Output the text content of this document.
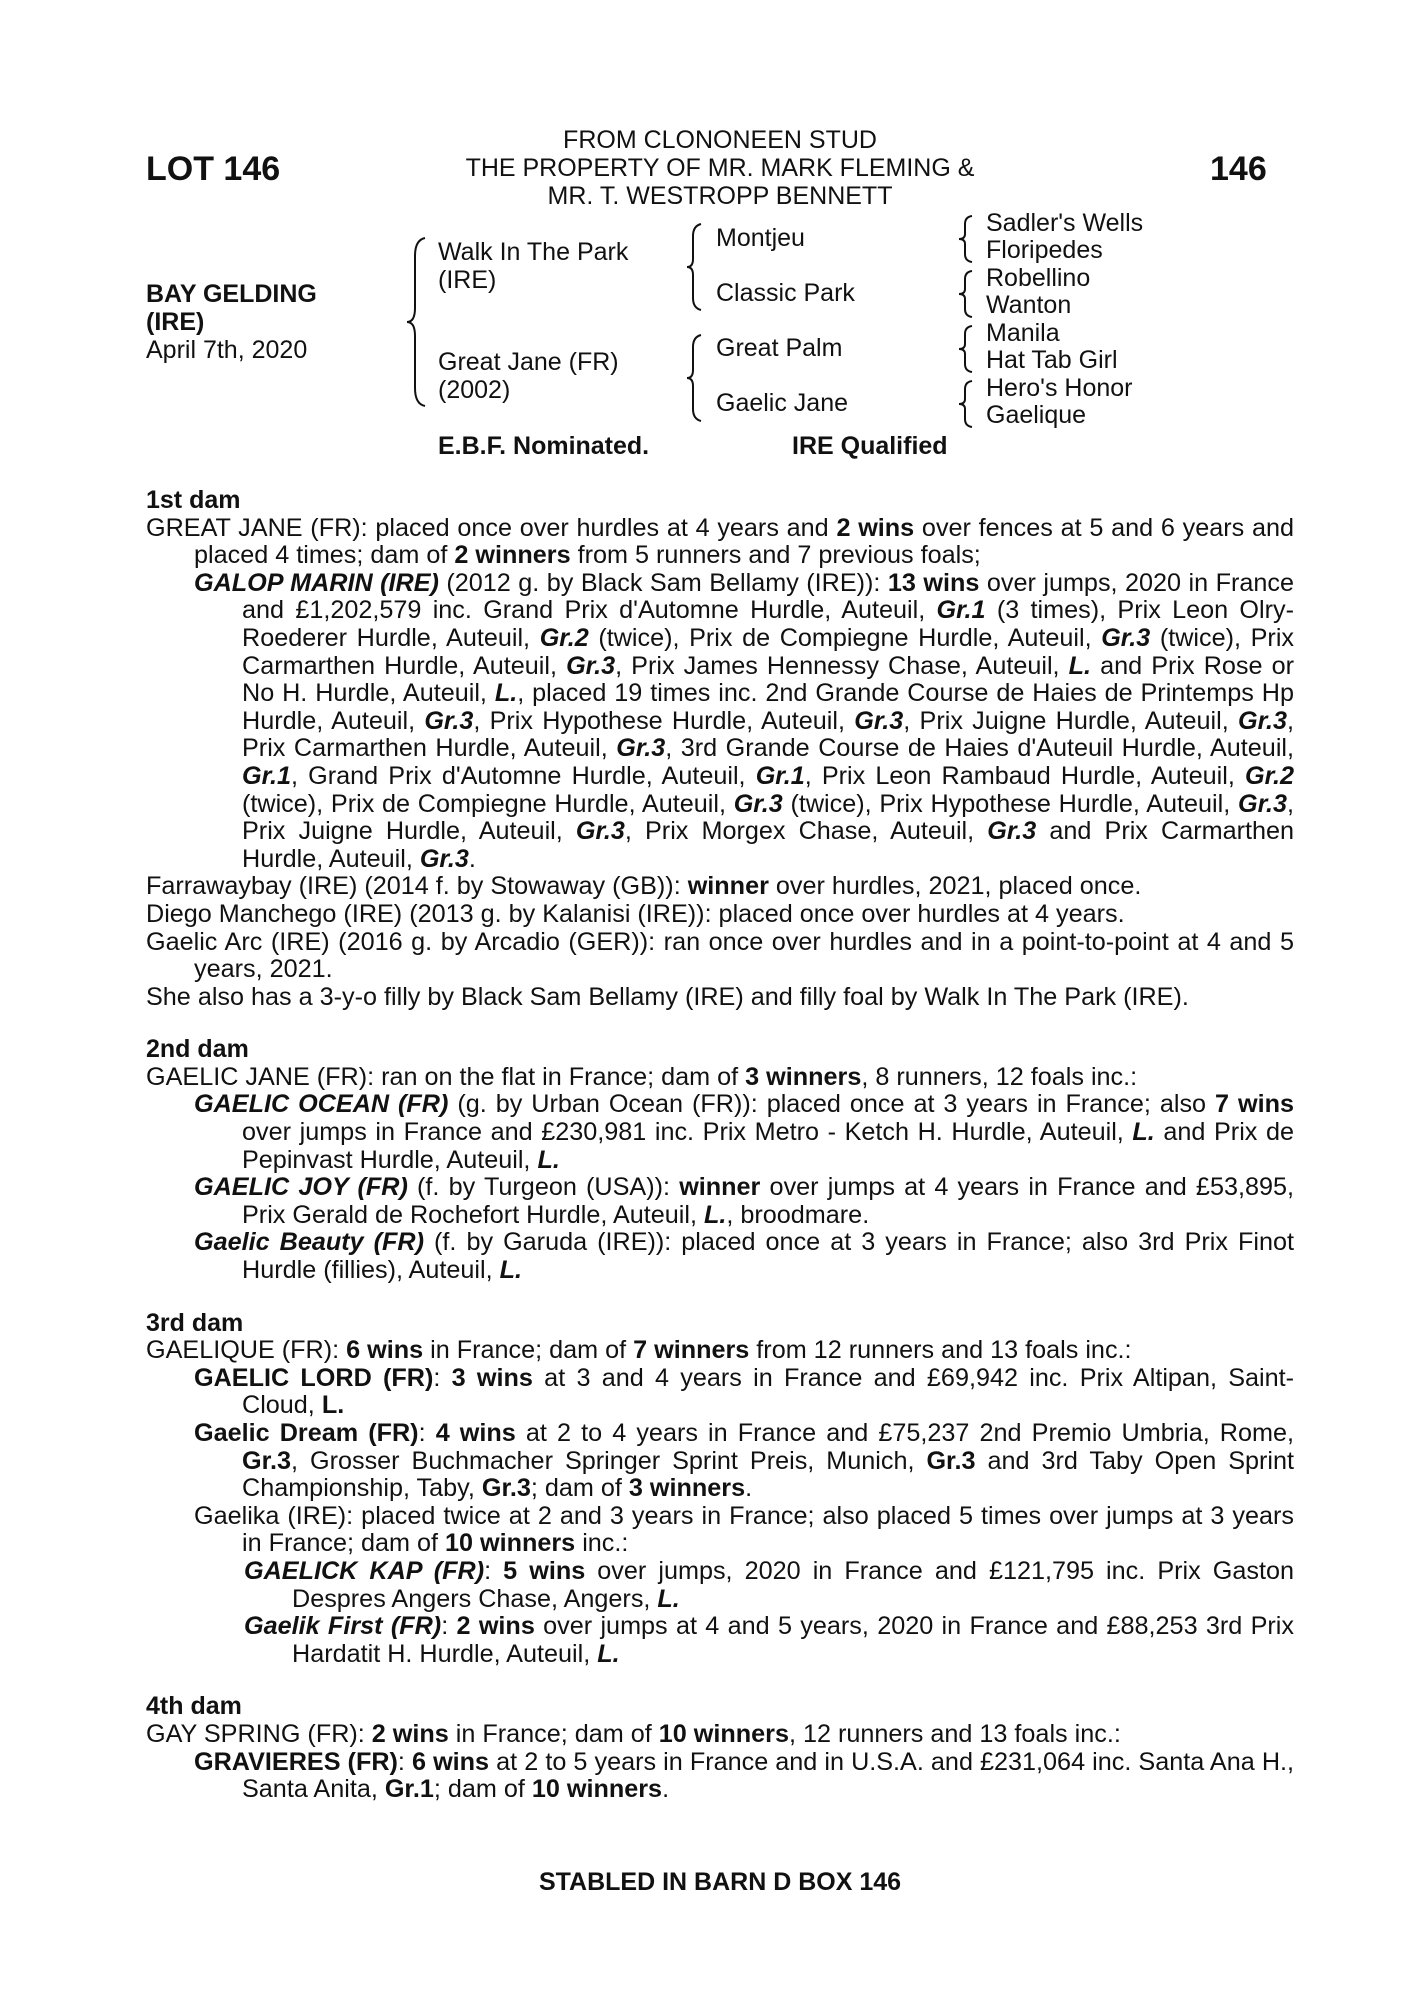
LOT 146	146
FROM CLONONEEN STUD
THE PROPERTY OF MR. MARK FLEMING &
MR. T. WESTROPP BENNETT
BAY GELDING
(IRE)
April 7th, 2020
Walk In The Park
(IRE)
Great Jane (FR)
(2002)
Montjeu
Classic Park
Great Palm
Gaelic Jane
Sadler's Wells
Floripedes
Robellino
Wanton
Manila
Hat Tab Girl
Hero's Honor
Gaelique
E.B.F. Nominated.	IRE Qualified

1st dam

GREAT JANE (FR): placed once over hurdles at 4 years and 2 wins over fences at 5 and 6 years and placed 4 times; dam of 2 winners from 5 runners and 7 previous foals;

GALOP MARIN (IRE) (2012 g. by Black Sam Bellamy (IRE)): 13 wins over jumps, 2020 in France and £1,202,579 inc. Grand Prix d'Automne Hurdle, Auteuil, Gr.1 (3 times), Prix Leon Olry-Roederer Hurdle, Auteuil, Gr.2 (twice), Prix de Compiegne Hurdle, Auteuil, Gr.3 (twice), Prix Carmarthen Hurdle, Auteuil, Gr.3, Prix James Hennessy Chase, Auteuil, L. and Prix Rose or No H. Hurdle, Auteuil, L., placed 19 times inc. 2nd Grande Course de Haies de Printemps Hp Hurdle, Auteuil, Gr.3, Prix Hypothese Hurdle, Auteuil, Gr.3, Prix Juigne Hurdle, Auteuil, Gr.3, Prix Carmarthen Hurdle, Auteuil, Gr.3, 3rd Grande Course de Haies d'Auteuil Hurdle, Auteuil, Gr.1, Grand Prix d'Automne Hurdle, Auteuil, Gr.1, Prix Leon Rambaud Hurdle, Auteuil, Gr.2 (twice), Prix de Compiegne Hurdle, Auteuil, Gr.3 (twice), Prix Hypothese Hurdle, Auteuil, Gr.3, Prix Juigne Hurdle, Auteuil, Gr.3, Prix Morgex Chase, Auteuil, Gr.3 and Prix Carmarthen Hurdle, Auteuil, Gr.3.

Farrawaybay (IRE) (2014 f. by Stowaway (GB)): winner over hurdles, 2021, placed once.

Diego Manchego (IRE) (2013 g. by Kalanisi (IRE)): placed once over hurdles at 4 years.

Gaelic Arc (IRE) (2016 g. by Arcadio (GER)): ran once over hurdles and in a point-to-point at 4 and 5 years, 2021.

She also has a 3-y-o filly by Black Sam Bellamy (IRE) and filly foal by Walk In The Park (IRE).

2nd dam

GAELIC JANE (FR): ran on the flat in France; dam of 3 winners, 8 runners, 12 foals inc.:

GAELIC OCEAN (FR) (g. by Urban Ocean (FR)): placed once at 3 years in France; also 7 wins over jumps in France and £230,981 inc. Prix Metro - Ketch H. Hurdle, Auteuil, L. and Prix de Pepinvast Hurdle, Auteuil, L.

GAELIC JOY (FR) (f. by Turgeon (USA)): winner over jumps at 4 years in France and £53,895, Prix Gerald de Rochefort Hurdle, Auteuil, L., broodmare.

Gaelic Beauty (FR) (f. by Garuda (IRE)): placed once at 3 years in France; also 3rd Prix Finot Hurdle (fillies), Auteuil, L.

3rd dam

GAELIQUE (FR): 6 wins in France; dam of 7 winners from 12 runners and 13 foals inc.:

GAELIC LORD (FR): 3 wins at 3 and 4 years in France and £69,942 inc. Prix Altipan, Saint-Cloud, L.

Gaelic Dream (FR): 4 wins at 2 to 4 years in France and £75,237 2nd Premio Umbria, Rome, Gr.3, Grosser Buchmacher Springer Sprint Preis, Munich, Gr.3 and 3rd Taby Open Sprint Championship, Taby, Gr.3; dam of 3 winners.

Gaelika (IRE): placed twice at 2 and 3 years in France; also placed 5 times over jumps at 3 years in France; dam of 10 winners inc.:

GAELICK KAP (FR): 5 wins over jumps, 2020 in France and £121,795 inc. Prix Gaston Despres Angers Chase, Angers, L.

Gaelik First (FR): 2 wins over jumps at 4 and 5 years, 2020 in France and £88,253 3rd Prix Hardatit H. Hurdle, Auteuil, L.

4th dam

GAY SPRING (FR): 2 wins in France; dam of 10 winners, 12 runners and 13 foals inc.:

GRAVIERES (FR): 6 wins at 2 to 5 years in France and in U.S.A. and £231,064 inc. Santa Ana H., Santa Anita, Gr.1; dam of 10 winners.

STABLED IN BARN D BOX 146
